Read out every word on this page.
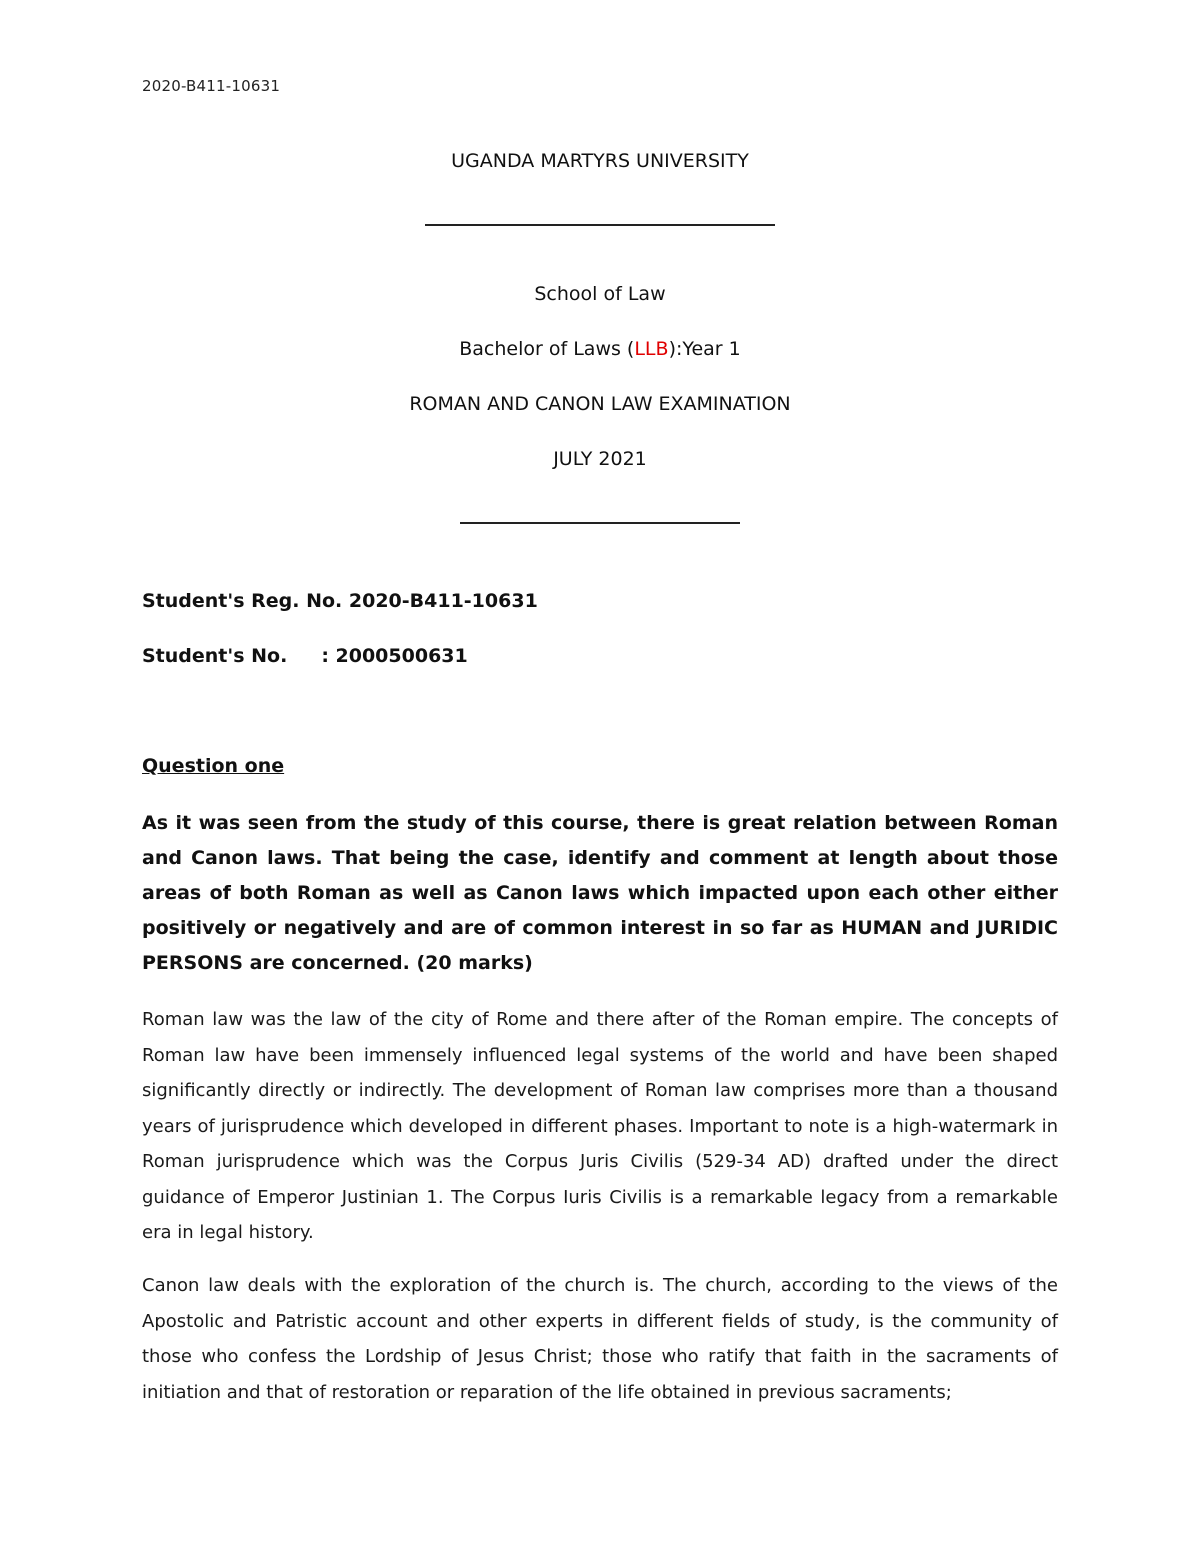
2020-B411-10631
UGANDA MARTYRS UNIVERSITY
School of Law
Bachelor of Laws (LLB):Year 1
ROMAN AND CANON LAW EXAMINATION
JULY 2021
Student's Reg. No. 2020-B411-10631
Student's No. : 2000500631
Question one
As it was seen from the study of this course, there is great relation between Roman and Canon laws. That being the case, identify and comment at length about those areas of both Roman as well as Canon laws which impacted upon each other either positively or negatively and are of common interest in so far as HUMAN and JURIDIC PERSONS are concerned. (20 marks)
Roman law was the law of the city of Rome and there after of the Roman empire. The concepts of Roman law have been immensely influenced legal systems of the world and have been shaped significantly directly or indirectly. The development of Roman law comprises more than a thousand years of jurisprudence which developed in different phases. Important to note is a high-watermark in Roman jurisprudence which was the Corpus Juris Civilis (529-34 AD) drafted under the direct guidance of Emperor Justinian 1. The Corpus Iuris Civilis is a remarkable legacy from a remarkable era in legal history.
Canon law deals with the exploration of the church is. The church, according to the views of the Apostolic and Patristic account and other experts in different fields of study, is the community of those who confess the Lordship of Jesus Christ; those who ratify that faith in the sacraments of initiation and that of restoration or reparation of the life obtained in previous sacraments;
